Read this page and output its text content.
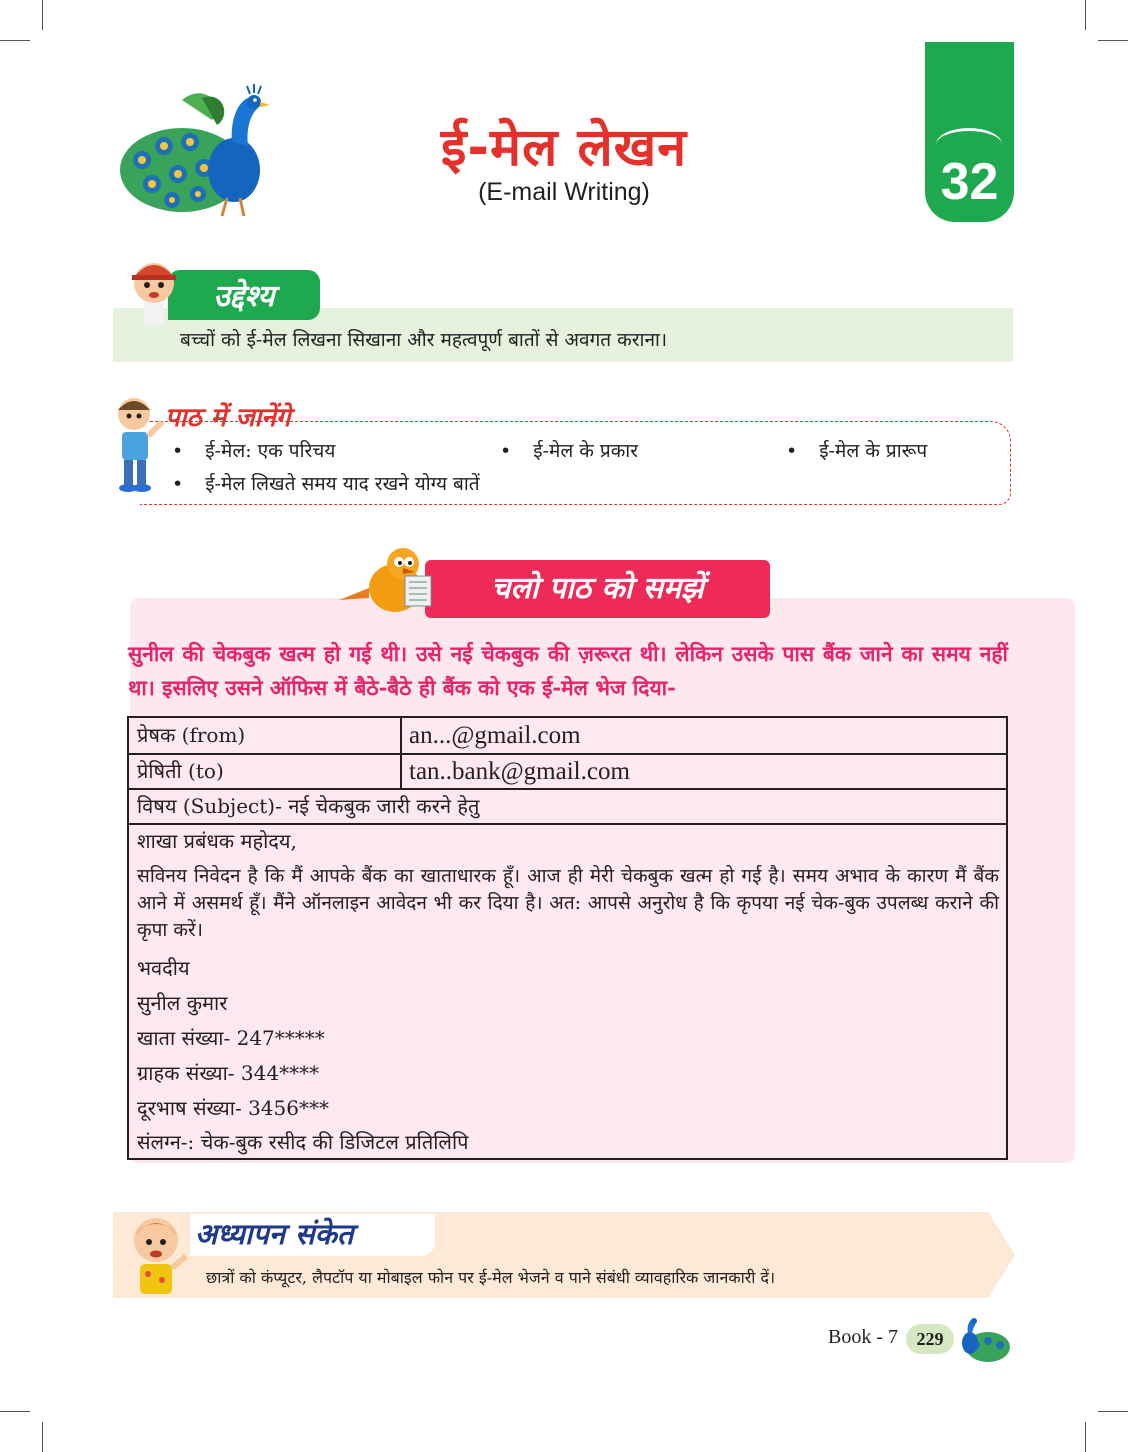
ई-मेल लेखन
(E-mail Writing)	32
उद्देश्य
बच्चों को ई-मेल लिखना सिखाना और महत्वपूर्ण बातों से अवगत कराना।
पाठ में जानेंगे
• ई-मेल: एक परिचय	• ई-मेल के प्रकार	• ई-मेल के प्रारूप
• ई-मेल लिखते समय याद रखने योग्य बातें
चलो पाठ को समझें
सुनील की चेकबुक खत्म हो गई थी। उसे नई चेकबुक की ज़रूरत थी। लेकिन उसके पास बैंक जाने का समय नहीं था। इसलिए उसने ऑफिस में बैठे-बैठे ही बैंक को एक ई-मेल भेज दिया-
प्रेषक (from)	an...@gmail.com
प्रेषिती (to)	tan..bank@gmail.com
विषय (Subject)- नई चेकबुक जारी करने हेतु
शाखा प्रबंधक महोदय,
सविनय निवेदन है कि मैं आपके बैंक का खाताधारक हूँ। आज ही मेरी चेकबुक खत्म हो गई है। समय अभाव के कारण मैं बैंक आने में असमर्थ हूँ। मैंने ऑनलाइन आवेदन भी कर दिया है। अत: आपसे अनुरोध है कि कृपया नई चेक-बुक उपलब्ध कराने की कृपा करें।
भवदीय
सुनील कुमार
खाता संख्या- 247*****
ग्राहक संख्या- 344****
दूरभाष संख्या- 3456***
संलग्न-: चेक-बुक रसीद की डिजिटल प्रतिलिपि
अध्यापन संकेत
छात्रों को कंप्यूटर, लैपटॉप या मोबाइल फोन पर ई-मेल भेजने व पाने संबंधी व्यावहारिक जानकारी दें।
Book - 7	229
